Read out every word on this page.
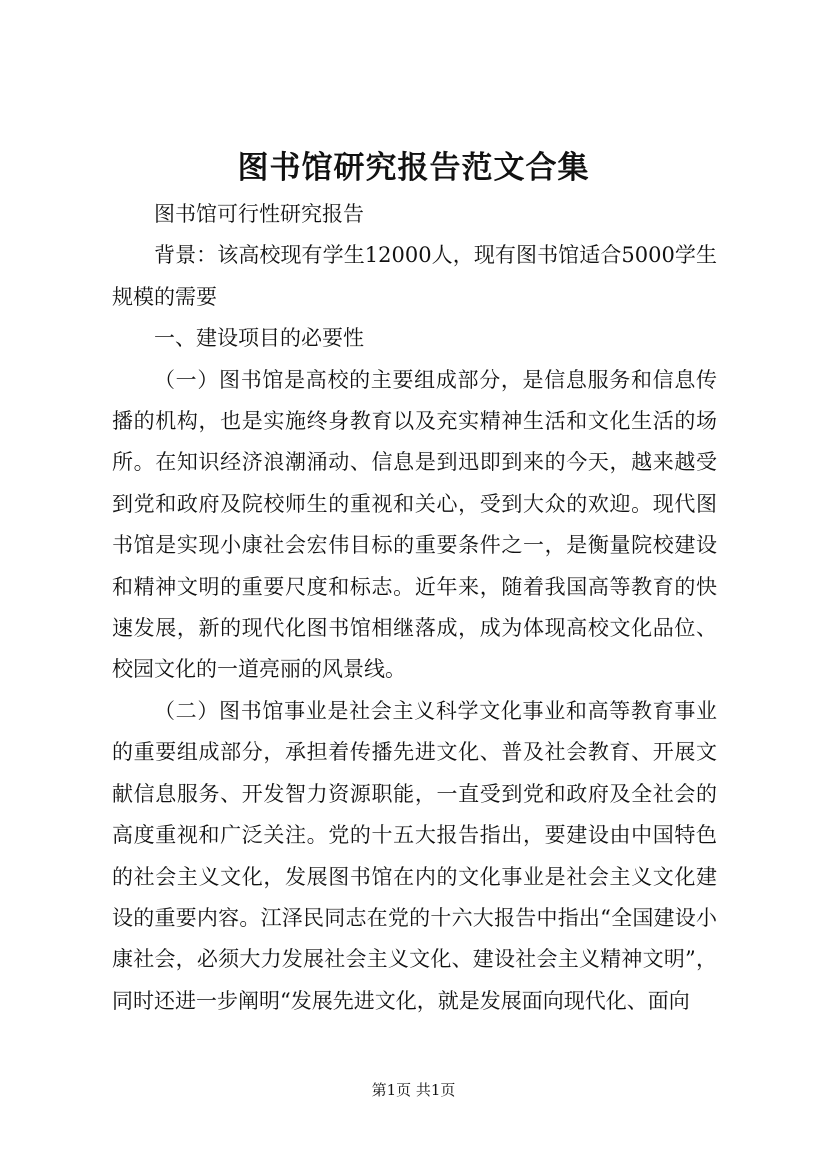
图书馆研究报告范文合集

图书馆可行性研究报告

背景：该高校现有学生12000人，现有图书馆适合5000学生规模的需要

一、建设项目的必要性

（一）图书馆是高校的主要组成部分，是信息服务和信息传播的机构，也是实施终身教育以及充实精神生活和文化生活的场所。在知识经济浪潮涌动、信息是到迅即到来的今天，越来越受到党和政府及院校师生的重视和关心，受到大众的欢迎。现代图书馆是实现小康社会宏伟目标的重要条件之一，是衡量院校建设和精神文明的重要尺度和标志。近年来，随着我国高等教育的快速发展，新的现代化图书馆相继落成，成为体现高校文化品位、校园文化的一道亮丽的风景线。

（二）图书馆事业是社会主义科学文化事业和高等教育事业的重要组成部分，承担着传播先进文化、普及社会教育、开展文献信息服务、开发智力资源职能，一直受到党和政府及全社会的高度重视和广泛关注。党的十五大报告指出，要建设由中国特色的社会主义文化，发展图书馆在内的文化事业是社会主义文化建设的重要内容。江泽民同志在党的十六大报告中指出“全国建设小康社会，必须大力发展社会主义文化、建设社会主义精神文明”，同时还进一步阐明“发展先进文化，就是发展面向现代化、面向

第1页 共1页
